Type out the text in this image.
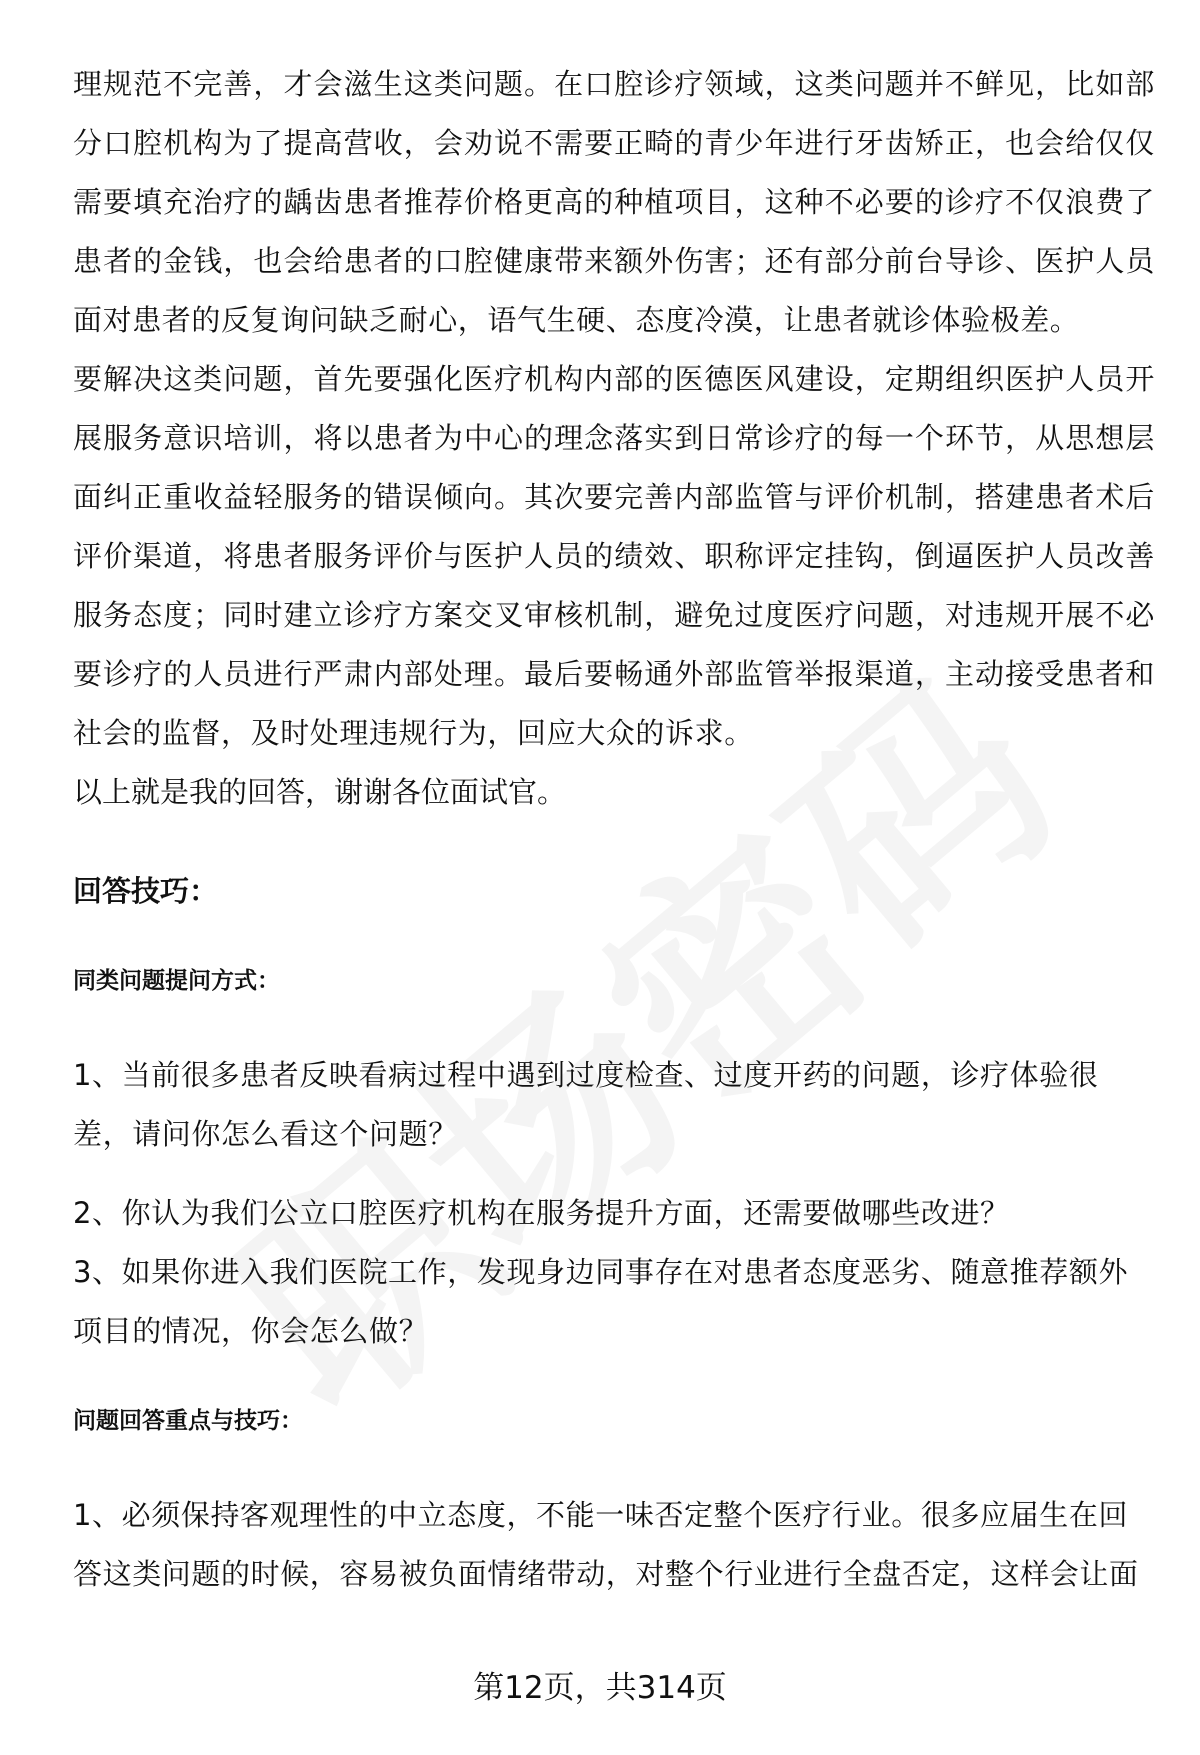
理规范不完善，才会滋生这类问题。在口腔诊疗领域，这类问题并不鲜见，比如部分口腔机构为了提高营收，会劝说不需要正畸的青少年进行牙齿矫正，也会给仅仅需要填充治疗的龋齿患者推荐价格更高的种植项目，这种不必要的诊疗不仅浪费了患者的金钱，也会给患者的口腔健康带来额外伤害；还有部分前台导诊、医护人员面对患者的反复询问缺乏耐心，语气生硬、态度冷漠，让患者就诊体验极差。

要解决这类问题，首先要强化医疗机构内部的医德医风建设，定期组织医护人员开展服务意识培训，将以患者为中心的理念落实到日常诊疗的每一个环节，从思想层面纠正重收益轻服务的错误倾向。其次要完善内部监管与评价机制，搭建患者术后评价渠道，将患者服务评价与医护人员的绩效、职称评定挂钩，倒逼医护人员改善服务态度；同时建立诊疗方案交叉审核机制，避免过度医疗问题，对违规开展不必要诊疗的人员进行严肃内部处理。最后要畅通外部监管举报渠道，主动接受患者和社会的监督，及时处理违规行为，回应大众的诉求。

以上就是我的回答，谢谢各位面试官。

回答技巧：
同类问题提问方式：

1、当前很多患者反映看病过程中遇到过度检查、过度开药的问题，诊疗体验很差，请问你怎么看这个问题？

2、你认为我们公立口腔医疗机构在服务提升方面，还需要做哪些改进？

3、如果你进入我们医院工作，发现身边同事存在对患者态度恶劣、随意推荐额外项目的情况，你会怎么做？

问题回答重点与技巧：

1、必须保持客观理性的中立态度，不能一味否定整个医疗行业。很多应届生在回答这类问题的时候，容易被负面情绪带动，对整个行业进行全盘否定，这样会让面

第12页，共314页
